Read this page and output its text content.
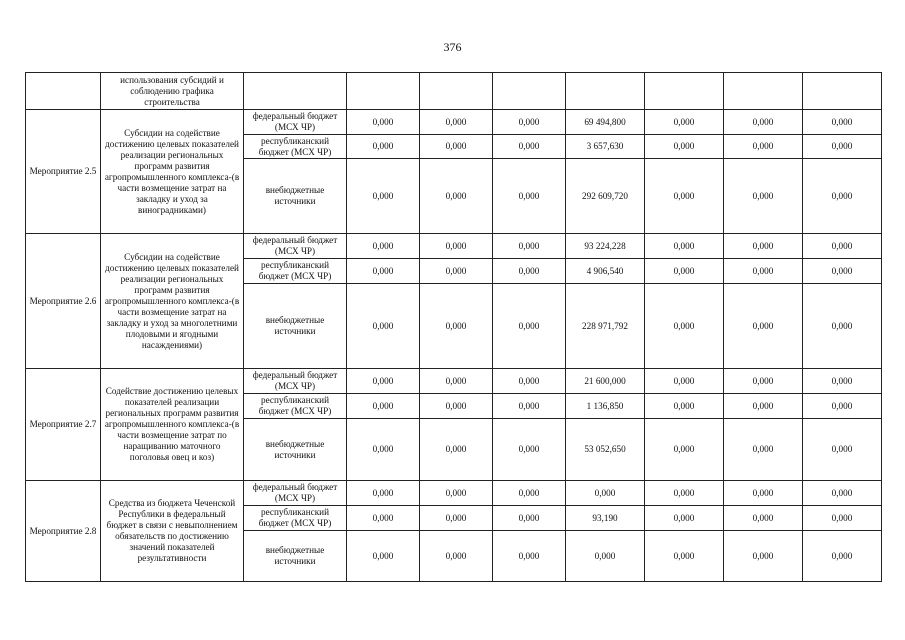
376
	использования субсидий и соблюдению графика строительства								
Мероприятие 2.5	Субсидии на содействие достижению целевых показателей реализации региональных программ развития агропромышленного комплекса-(в части возмещение затрат на закладку и уход за виноградниками)	федеральный бюджет (МСХ ЧР)	0,000	0,000	0,000	69 494,800	0,000	0,000	0,000
		республиканский бюджет (МСХ ЧР)	0,000	0,000	0,000	3 657,630	0,000	0,000	0,000
		внебюджетные источники	0,000	0,000	0,000	292 609,720	0,000	0,000	0,000
Мероприятие 2.6	Субсидии на содействие достижению целевых показателей реализации региональных программ развития агропромышленного комплекса-(в части возмещение затрат на закладку и уход за многолетними плодовыми и ягодными насаждениями)	федеральный бюджет (МСХ ЧР)	0,000	0,000	0,000	93 224,228	0,000	0,000	0,000
		республиканский бюджет (МСХ ЧР)	0,000	0,000	0,000	4 906,540	0,000	0,000	0,000
		внебюджетные источники	0,000	0,000	0,000	228 971,792	0,000	0,000	0,000
Мероприятие 2.7	Содействие достижению целевых показателей реализации региональных программ развития агропромышленного комплекса-(в части возмещение затрат по наращиванию маточного поголовья овец и коз)	федеральный бюджет (МСХ ЧР)	0,000	0,000	0,000	21 600,000	0,000	0,000	0,000
		республиканский бюджет (МСХ ЧР)	0,000	0,000	0,000	1 136,850	0,000	0,000	0,000
		внебюджетные источники	0,000	0,000	0,000	53 052,650	0,000	0,000	0,000
Мероприятие 2.8	Средства из бюджета Чеченской Республики в федеральный бюджет в связи с невыполнением обязательств по достижению значений показателей результативности	федеральный бюджет (МСХ ЧР)	0,000	0,000	0,000	0,000	0,000	0,000	0,000
		республиканский бюджет (МСХ ЧР)	0,000	0,000	0,000	93,190	0,000	0,000	0,000
		внебюджетные источники	0,000	0,000	0,000	0,000	0,000	0,000	0,000
